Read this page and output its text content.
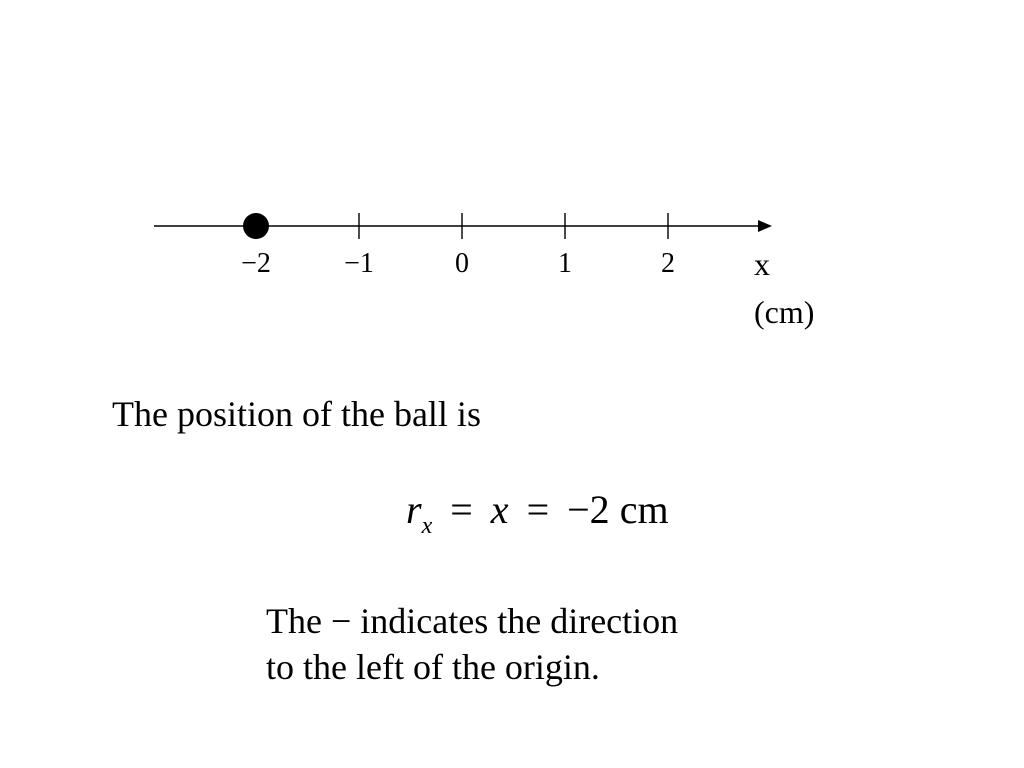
−2	−1	0	1	2 x
(cm)
The position of the ball is
$r_x = x = -2$ cm
The − indicates the direction
to the left of the origin.
